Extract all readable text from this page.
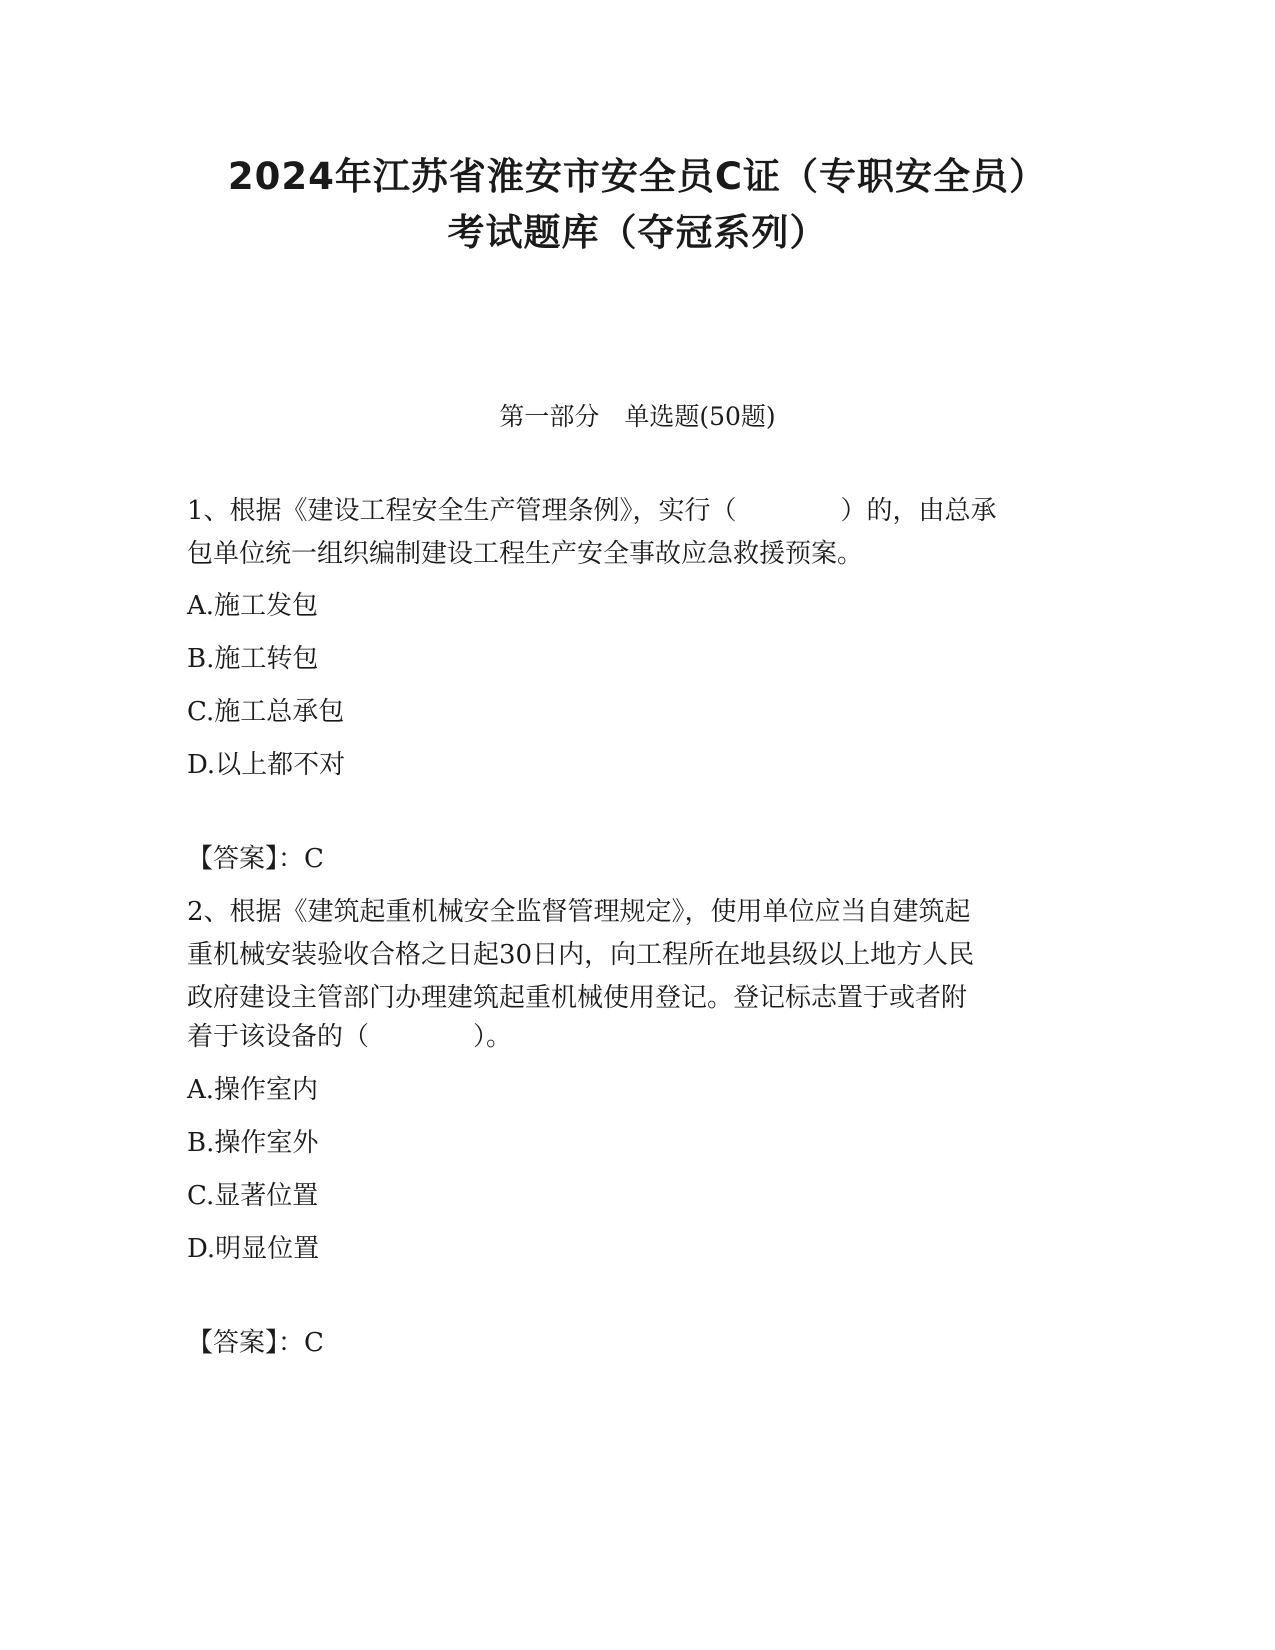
2024年江苏省淮安市安全员C证（专职安全员）
考试题库（夺冠系列）
第一部分　单选题(50题)
1、根据《建设工程安全生产管理条例》，实行（　　　　）的，由总承
包单位统一组织编制建设工程生产安全事故应急救援预案。
A.施工发包
B.施工转包
C.施工总承包
D.以上都不对
【答案】：C
2、根据《建筑起重机械安全监督管理规定》，使用单位应当自建筑起
重机械安装验收合格之日起30日内，向工程所在地县级以上地方人民
政府建设主管部门办理建筑起重机械使用登记。登记标志置于或者附
着于该设备的（　　　　）。
A.操作室内
B.操作室外
C.显著位置
D.明显位置
【答案】：C
